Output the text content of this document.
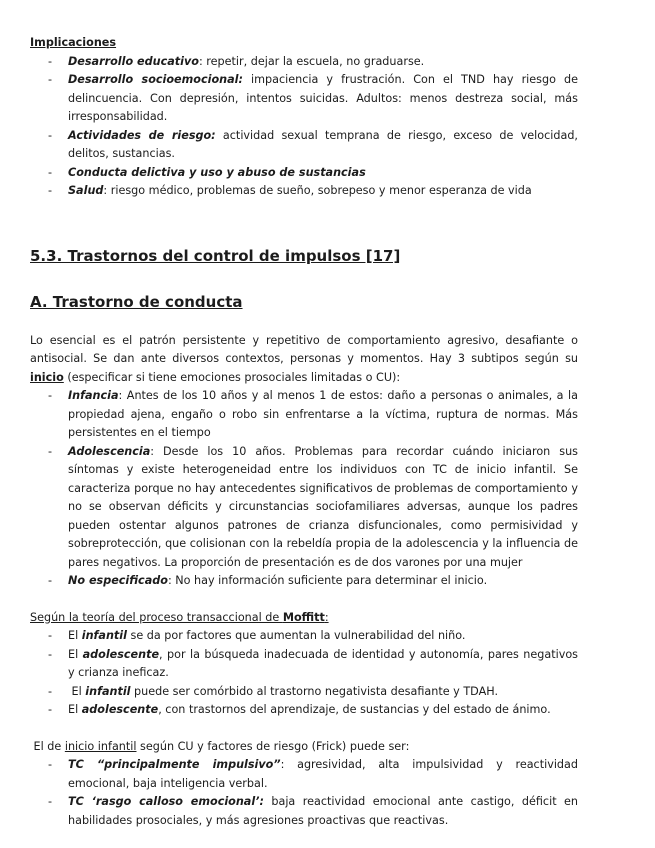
Implicaciones
- Desarrollo educativo: repetir, dejar la escuela, no graduarse.
- Desarrollo socioemocional: impaciencia y frustración. Con el TND hay riesgo de delincuencia. Con depresión, intentos suicidas. Adultos: menos destreza social, más irresponsabilidad.
- Actividades de riesgo: actividad sexual temprana de riesgo, exceso de velocidad, delitos, sustancias.
- Conducta delictiva y uso y abuso de sustancias
- Salud: riesgo médico, problemas de sueño, sobrepeso y menor esperanza de vida
5.3. Trastornos del control de impulsos [17]
A. Trastorno de conducta
Lo esencial es el patrón persistente y repetitivo de comportamiento agresivo, desafiante o antisocial. Se dan ante diversos contextos, personas y momentos. Hay 3 subtipos según su inicio (especificar si tiene emociones prosociales limitadas o CU):
- Infancia: Antes de los 10 años y al menos 1 de estos: daño a personas o animales, a la propiedad ajena, engaño o robo sin enfrentarse a la víctima, ruptura de normas. Más persistentes en el tiempo
- Adolescencia: Desde los 10 años. Problemas para recordar cuándo iniciaron sus síntomas y existe heterogeneidad entre los individuos con TC de inicio infantil. Se caracteriza porque no hay antecedentes significativos de problemas de comportamiento y no se observan déficits y circunstancias sociofamiliares adversas, aunque los padres pueden ostentar algunos patrones de crianza disfuncionales, como permisividad y sobreprotección, que colisionan con la rebeldía propia de la adolescencia y la influencia de pares negativos. La proporción de presentación es de dos varones por una mujer
- No especificado: No hay información suficiente para determinar el inicio.
Según la teoría del proceso transaccional de Moffitt:
- El infantil se da por factores que aumentan la vulnerabilidad del niño.
- El adolescente, por la búsqueda inadecuada de identidad y autonomía, pares negativos y crianza ineficaz.
-  El infantil puede ser comórbido al trastorno negativista desafiante y TDAH.
- El adolescente, con trastornos del aprendizaje, de sustancias y del estado de ánimo.
El de inicio infantil según CU y factores de riesgo (Frick) puede ser:
- TC “principalmente impulsivo”: agresividad, alta impulsividad y reactividad emocional, baja inteligencia verbal.
- TC ‘rasgo calloso emocional’: baja reactividad emocional ante castigo, déficit en habilidades prosociales, y más agresiones proactivas que reactivas.
